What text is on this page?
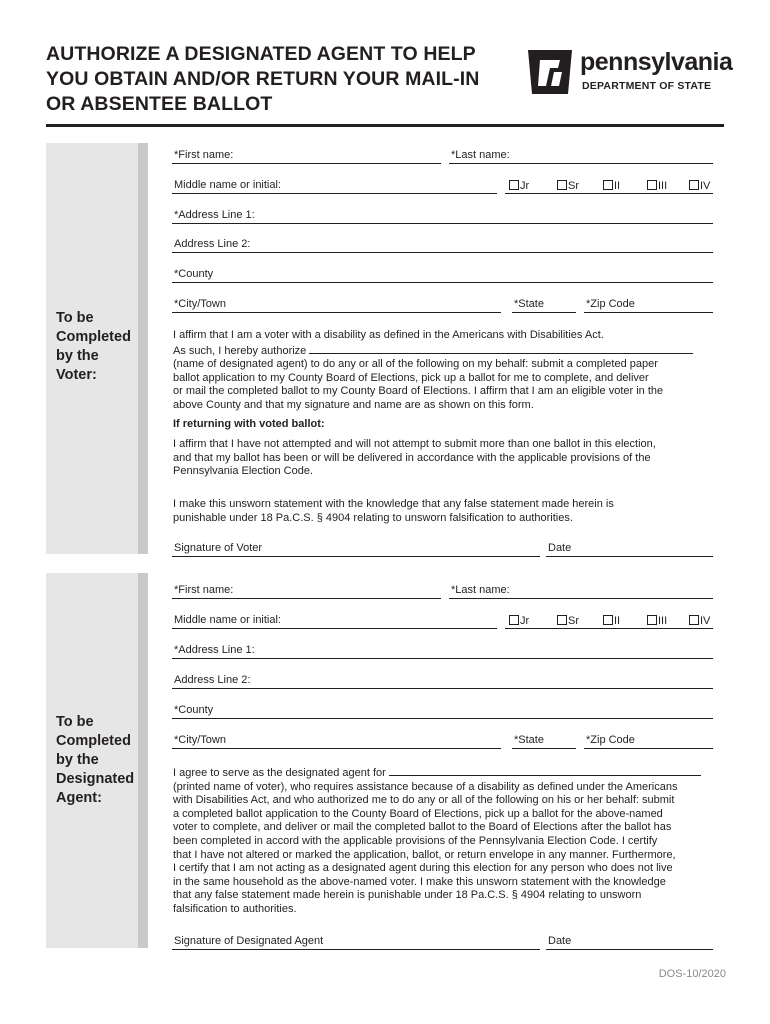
AUTHORIZE A DESIGNATED AGENT TO HELP
YOU OBTAIN AND/OR RETURN YOUR MAIL-IN
OR ABSENTEE BALLOT
pennsylvania
DEPARTMENT OF STATE
To be
Completed
by the
Voter:
*First name:	*Last name:
Middle name or initial:	Jr	Sr	II	III	IV
*Address Line 1:
Address Line 2:
*County
*City/Town	*State	*Zip Code
I affirm that I am a voter with a disability as defined in the Americans with Disabilities Act.
As such, I hereby authorize
(name of designated agent) to do any or all of the following on my behalf: submit a completed paper
ballot application to my County Board of Elections, pick up a ballot for me to complete, and deliver
or mail the completed ballot to my County Board of Elections. I affirm that I am an eligible voter in the
above County and that my signature and name are as shown on this form.
If returning with voted ballot:
I affirm that I have not attempted and will not attempt to submit more than one ballot in this election,
and that my ballot has been or will be delivered in accordance with the applicable provisions of the
Pennsylvania Election Code.
I make this unsworn statement with the knowledge that any false statement made herein is
punishable under 18 Pa.C.S. § 4904 relating to unsworn falsification to authorities.
Signature of Voter	Date
To be
Completed
by the
Designated
Agent:
*First name:	*Last name:
Middle name or initial:	Jr	Sr	II	III	IV
*Address Line 1:
Address Line 2:
*County
*City/Town	*State	*Zip Code
I agree to serve as the designated agent for
(printed name of voter), who requires assistance because of a disability as defined under the Americans
with Disabilities Act, and who authorized me to do any or all of the following on his or her behalf: submit
a completed ballot application to the County Board of Elections, pick up a ballot for the above-named
voter to complete, and deliver or mail the completed ballot to the Board of Elections after the ballot has
been completed in accord with the applicable provisions of the Pennsylvania Election Code. I certify
that I have not altered or marked the application, ballot, or return envelope in any manner. Furthermore,
I certify that I am not acting as a designated agent during this election for any person who does not live
in the same household as the above-named voter. I make this unsworn statement with the knowledge
that any false statement made herein is punishable under 18 Pa.C.S. § 4904 relating to unsworn
falsification to authorities.
Signature of Designated Agent	Date
DOS-10/2020
